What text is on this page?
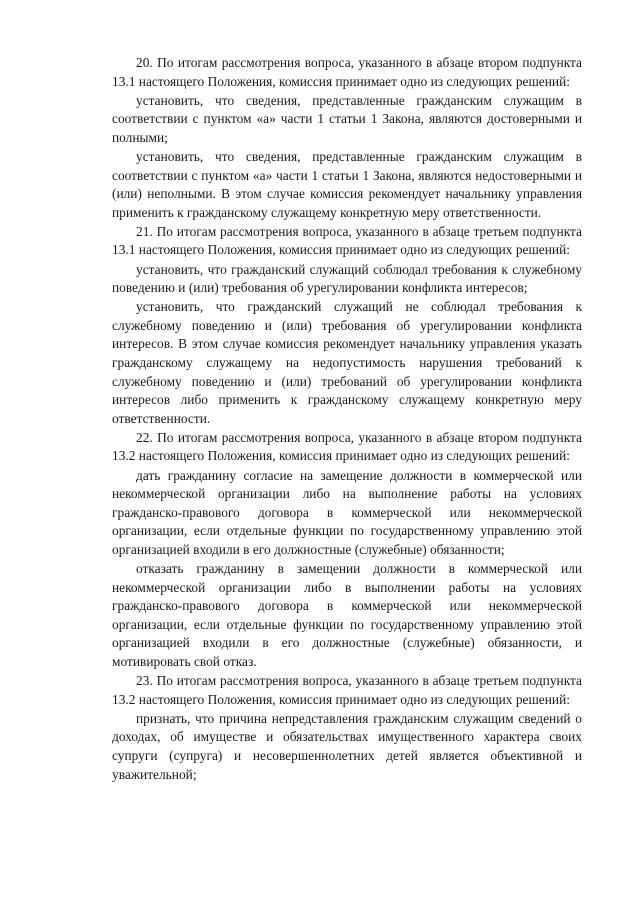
20. По итогам рассмотрения вопроса, указанного в абзаце втором подпункта 13.1 настоящего Положения, комиссия принимает одно из следующих решений:

установить, что сведения, представленные гражданским служащим в соответствии с пунктом «а» части 1 статьи 1 Закона, являются достоверными и полными;

установить, что сведения, представленные гражданским служащим в соответствии с пунктом «а» части 1 статьи 1 Закона, являются недостоверными и (или) неполными. В этом случае комиссия рекомендует начальнику управления применить к гражданскому служащему конкретную меру ответственности.

21. По итогам рассмотрения вопроса, указанного в абзаце третьем подпункта 13.1 настоящего Положения, комиссия принимает одно из следующих решений:

установить, что гражданский служащий соблюдал требования к служебному поведению и (или) требования об урегулировании конфликта интересов;

установить, что гражданский служащий не соблюдал требования к служебному поведению и (или) требования об урегулировании конфликта интересов. В этом случае комиссия рекомендует начальнику управления указать гражданскому служащему на недопустимость нарушения требований к служебному поведению и (или) требований об урегулировании конфликта интересов либо применить к гражданскому служащему конкретную меру ответственности.

22. По итогам рассмотрения вопроса, указанного в абзаце втором подпункта 13.2 настоящего Положения, комиссия принимает одно из следующих решений:

дать гражданину согласие на замещение должности в коммерческой или некоммерческой организации либо на выполнение работы на условиях гражданско-правового договора в коммерческой или некоммерческой организации, если отдельные функции по государственному управлению этой организацией входили в его должностные (служебные) обязанности;

отказать гражданину в замещении должности в коммерческой или некоммерческой организации либо в выполнении работы на условиях гражданско-правового договора в коммерческой или некоммерческой организации, если отдельные функции по государственному управлению этой организацией входили в его должностные (служебные) обязанности, и мотивировать свой отказ.

23. По итогам рассмотрения вопроса, указанного в абзаце третьем подпункта 13.2 настоящего Положения, комиссия принимает одно из следующих решений:

признать, что причина непредставления гражданским служащим сведений о доходах, об имуществе и обязательствах имущественного характера своих супруги (супруга) и несовершеннолетних детей является объективной и уважительной;
